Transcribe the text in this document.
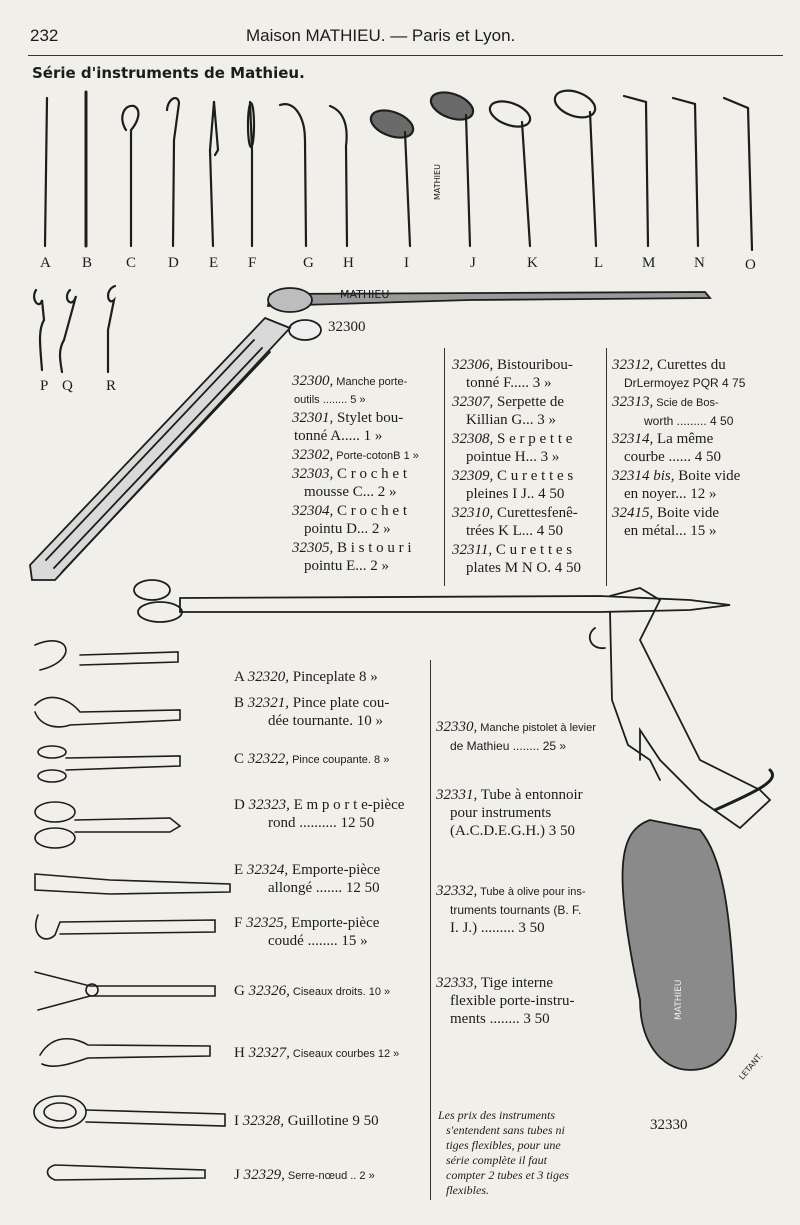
232	Maison MATHIEU. — Paris et Lyon.
Série d'instruments de Mathieu.
MATHIEU
MATHIEU
32300
MATHIEU
LETANT.
32330
A B C D E F	G H	I	J	K	L	M	N	O
P Q R	32300, Manche porte-
outils ........ 5 »
32301, Stylet bou-
tonné A..... 1 »
32302, Porte-cotonB 1 »
32303, C r o c h e t
mousse C... 2 »
32304, C r o c h e t
pointu D... 2 »
32305, B i s t o u r i
pointu E... 2 »
32306, Bistouribou-
tonné F..... 3 »
32307, Serpette de
Killian G... 3 »
32308, S e r p e t t e
pointue H... 3 »
32309, C u r e t t e s
pleines I J.. 4 50
32310, Curettesfenê-
trées K L... 4 50
32311, C u r e t t e s
plates M N O. 4 50
32312, Curettes du
DrLermoyez PQR 4 75
32313, Scie de Bos-
worth ......... 4 50
32314, La même
courbe ...... 4 50
32314 bis, Boite vide
en noyer... 12 »
32415, Boite vide
en métal... 15 »
A 32320, Pinceplate 8 »
B 32321, Pince plate cou-
dée tournante. 10 »
C 32322, Pince coupante. 8 »
D 32323, E m p o r t e-pièce
rond .......... 12 50
E 32324, Emporte-pièce
allongé ....... 12 50
F 32325, Emporte-pièce
coudé ........ 15 »
G 32326, Ciseaux droits. 10 »
H 32327, Ciseaux courbes 12 »
I 32328, Guillotine 9 50
J 32329, Serre-nœud .. 2 »
32330, Manche pistolet à levier
de Mathieu ........ 25 »
32331, Tube à entonnoir
pour instruments
(A.C.D.E.G.H.) 3 50
32332, Tube à olive pour ins-
truments tournants (B. F.
I. J.) ......... 3 50
32333, Tige interne
flexible porte-instru-
ments ........ 3 50
Les prix des instruments
s'entendent sans tubes ni
tiges flexibles, pour une
série complète il faut
compter 2 tubes et 3 tiges
flexibles.
